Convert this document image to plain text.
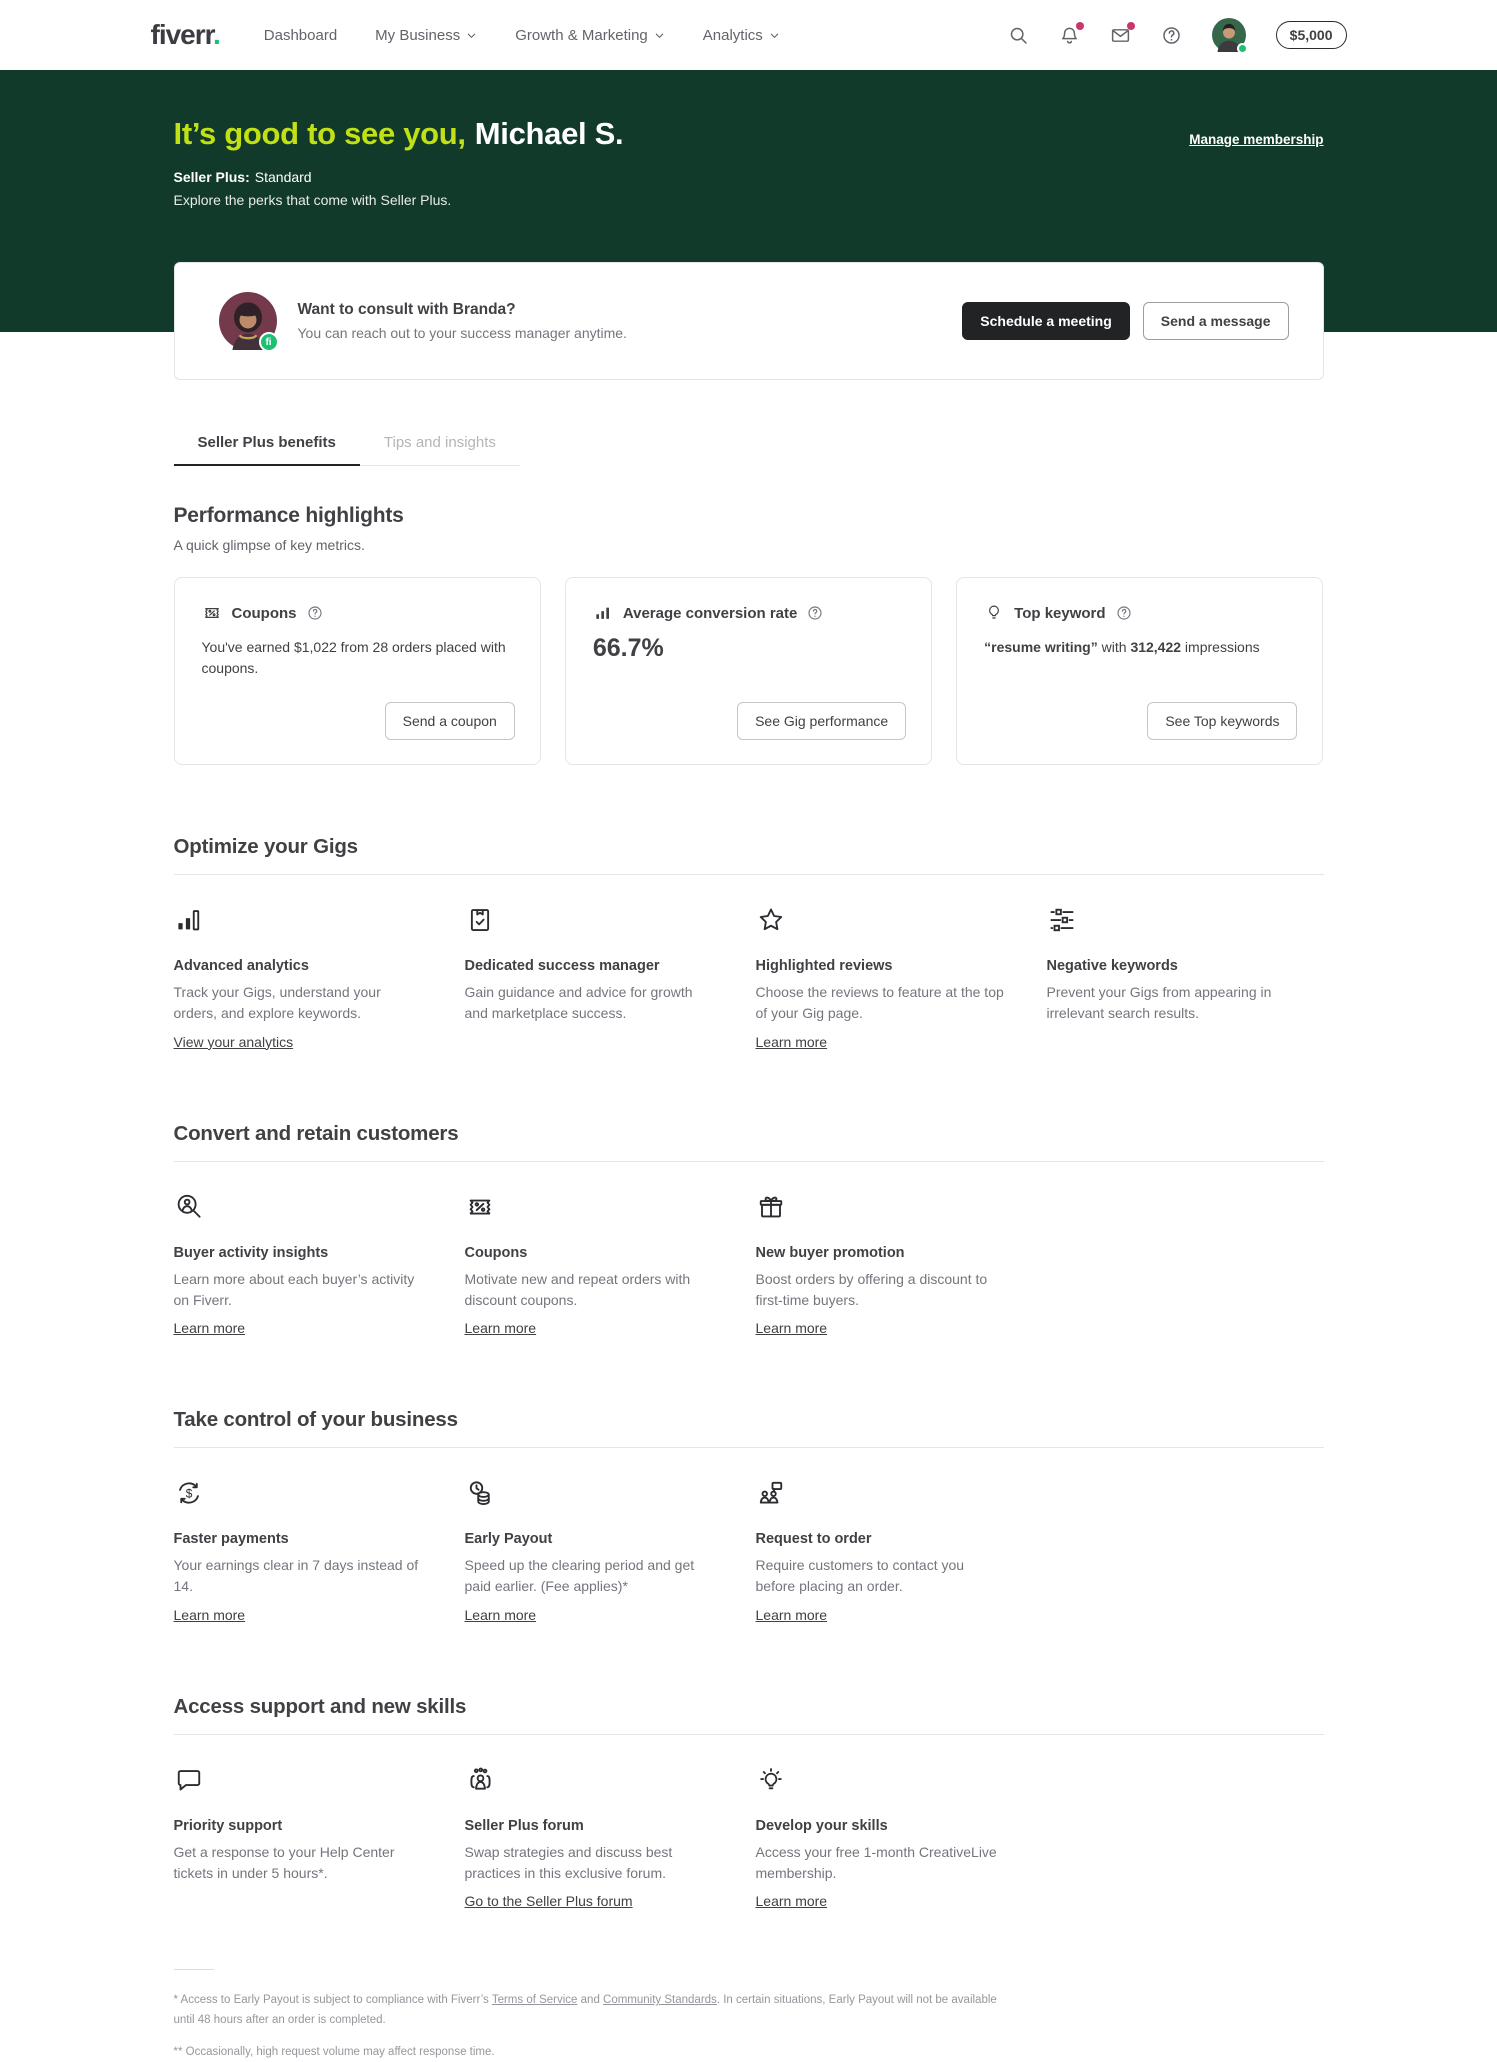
fiverr.	Dashboard	My Business	Growth & Marketing	Analytics	$5,000
It’s good to see you, Michael S.
Seller Plus: Standard
Explore the perks that come with Seller Plus.
Manage membership
fi
Want to consult with Branda?
You can reach out to your success manager anytime.
Schedule a meeting	Send a message
Seller Plus benefits	Tips and insights
Performance highlights
A quick glimpse of key metrics.
Coupons

You've earned $1,022 from 28 orders placed with coupons.

Send a coupon
Average conversion rate
66.7%
See Gig performance
Top keyword

“resume writing” with 312,422 impressions

See Top keywords
Optimize your Gigs
Advanced analytics
Track your Gigs, understand your orders, and explore keywords.
View your analytics
Dedicated success manager
Gain guidance and advice for growth and marketplace success.
Highlighted reviews
Choose the reviews to feature at the top of your Gig page.
Learn more
Negative keywords
Prevent your Gigs from appearing in irrelevant search results.
Convert and retain customers
Buyer activity insights
Learn more about each buyer’s activity on Fiverr.
Learn more
Coupons
Motivate new and repeat orders with discount coupons.
Learn more
New buyer promotion
Boost orders by offering a discount to first-time buyers.
Learn more
Take control of your business
$
Faster payments
Your earnings clear in 7 days instead of 14.
Learn more
Early Payout
Speed up the clearing period and get paid earlier. (Fee applies)*
Learn more
Request to order
Require customers to contact you before placing an order.
Learn more
Access support and new skills
Priority support
Get a response to your Help Center tickets in under 5 hours*.
Seller Plus forum
Swap strategies and discuss best practices in this exclusive forum.
Go to the Seller Plus forum
Develop your skills
Access your free 1-month CreativeLive membership.
Learn more

* Access to Early Payout is subject to compliance with Fiverr’s Terms of Service and Community Standards. In certain situations, Early Payout will not be available until 48 hours after an order is completed.

** Occasionally, high request volume may affect response time.
